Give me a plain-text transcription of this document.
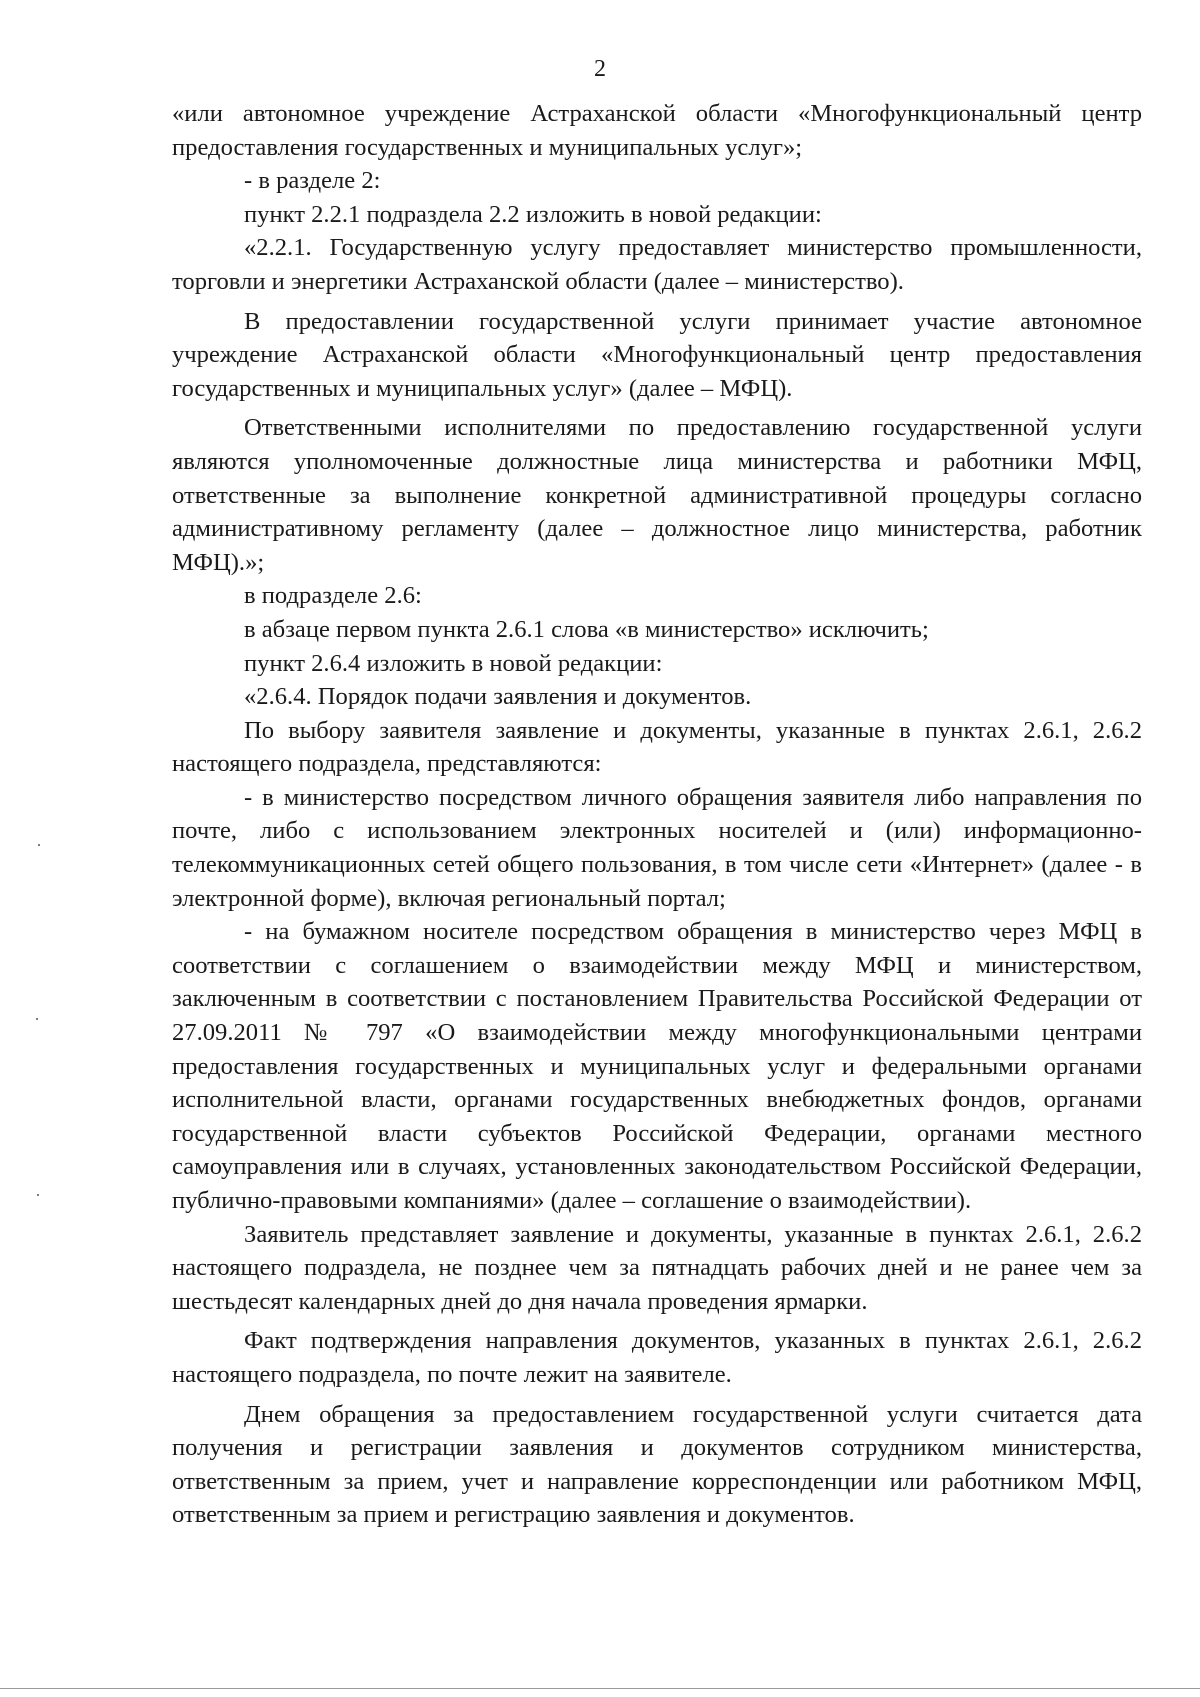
2

«или автономное учреждение Астраханской области «Многофункциональный центр предоставления государственных и муниципальных услуг»;

- в разделе 2:

пункт 2.2.1 подраздела 2.2 изложить в новой редакции:

«2.2.1. Государственную услугу предоставляет министерство промышленности, торговли и энергетики Астраханской области (далее – министерство).

В предоставлении государственной услуги принимает участие автономное учреждение Астраханской области «Многофункциональный центр предоставления государственных и муниципальных услуг» (далее – МФЦ).

Ответственными исполнителями по предоставлению государственной услуги являются уполномоченные должностные лица министерства и работники МФЦ, ответственные за выполнение конкретной административной процедуры согласно административному регламенту (далее – должностное лицо министерства, работник МФЦ).»;

в подразделе 2.6:

в абзаце первом пункта 2.6.1 слова «в министерство» исключить;

пункт 2.6.4 изложить в новой редакции:

«2.6.4. Порядок подачи заявления и документов.

По выбору заявителя заявление и документы, указанные в пунктах 2.6.1, 2.6.2 настоящего подраздела, представляются:

- в министерство посредством личного обращения заявителя либо направления по почте, либо с использованием электронных носителей и (или) информационно-телекоммуникационных сетей общего пользования, в том числе сети «Интернет» (далее - в электронной форме), включая региональный портал;

- на бумажном носителе посредством обращения в министерство через МФЦ в соответствии с соглашением о взаимодействии между МФЦ и министерством, заключенным в соответствии с постановлением Правительства Российской Федерации от 27.09.2011 № 797 «О взаимодействии между многофункциональными центрами предоставления государственных и муниципальных услуг и федеральными органами исполнительной власти, органами государственных внебюджетных фондов, органами государственной власти субъектов Российской Федерации, органами местного самоуправления или в случаях, установленных законодательством Российской Федерации, публично-правовыми компаниями» (далее – соглашение о взаимодействии).

Заявитель представляет заявление и документы, указанные в пунктах 2.6.1, 2.6.2 настоящего подраздела, не позднее чем за пятнадцать рабочих дней и не ранее чем за шестьдесят календарных дней до дня начала проведения ярмарки.

Факт подтверждения направления документов, указанных в пунктах 2.6.1, 2.6.2 настоящего подраздела, по почте лежит на заявителе.

Днем обращения за предоставлением государственной услуги считается дата получения и регистрации заявления и документов сотрудником министерства, ответственным за прием, учет и направление корреспонденции или работником МФЦ, ответственным за прием и регистрацию заявления и документов.
